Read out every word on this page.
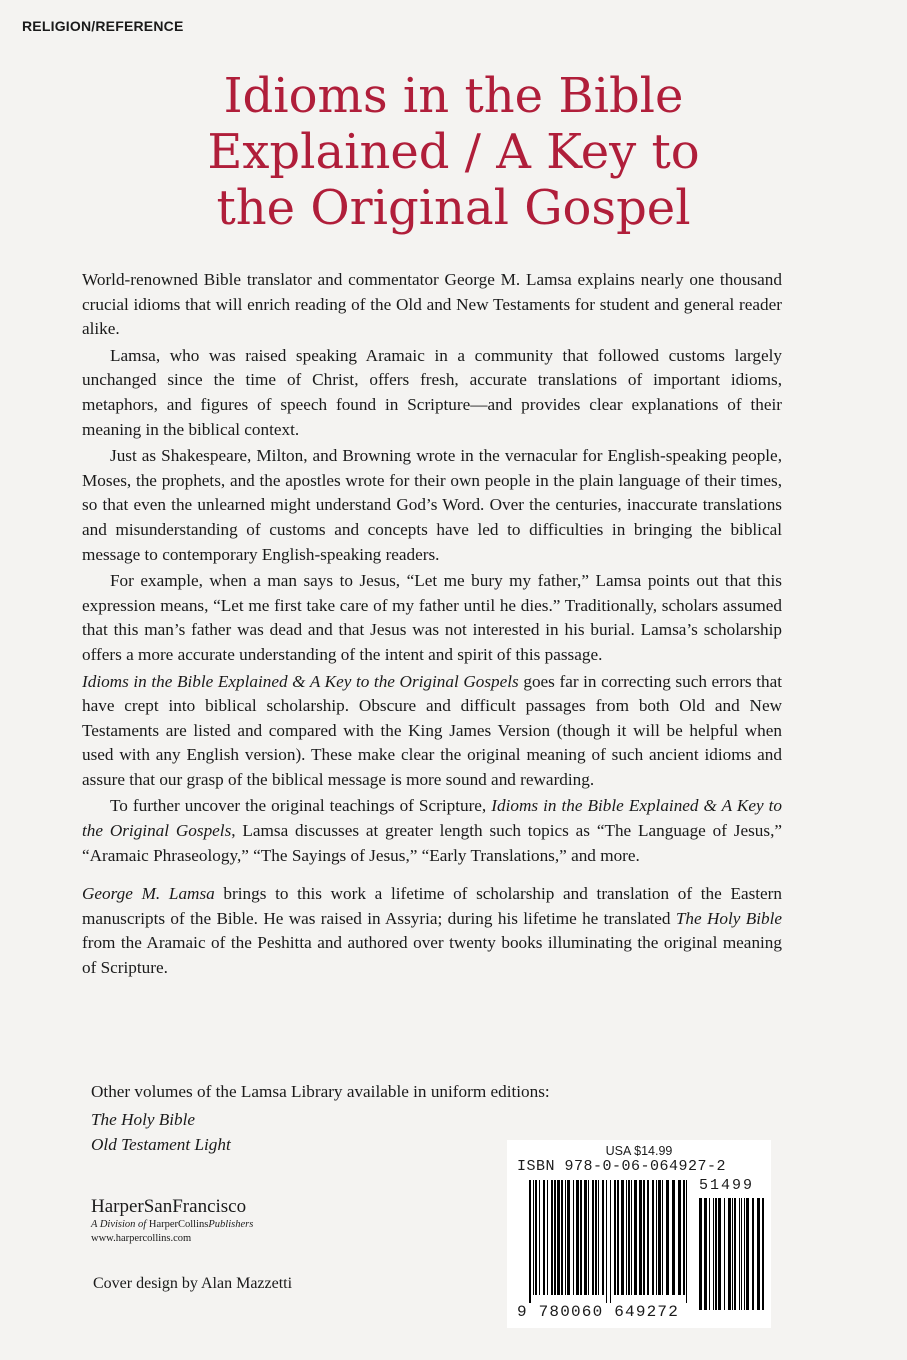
RELIGION/REFERENCE
Idioms in the Bible
Explained / A Key to
the Original Gospel

World-renowned Bible translator and commentator George M. Lamsa explains nearly one thousand crucial idioms that will enrich reading of the Old and New Testaments for student and general reader alike.

Lamsa, who was raised speaking Aramaic in a community that followed customs largely unchanged since the time of Christ, offers fresh, accurate translations of important idioms, metaphors, and figures of speech found in Scripture—and provides clear explanations of their meaning in the biblical context.

Just as Shakespeare, Milton, and Browning wrote in the vernacular for English-speaking people, Moses, the prophets, and the apostles wrote for their own people in the plain language of their times, so that even the unlearned might understand God’s Word. Over the centuries, inaccurate translations and misunderstanding of customs and concepts have led to difficulties in bringing the biblical message to contemporary English-speaking readers.

For example, when a man says to Jesus, “Let me bury my father,” Lamsa points out that this expression means, “Let me first take care of my father until he dies.” Traditionally, scholars assumed that this man’s father was dead and that Jesus was not interested in his burial. Lamsa’s scholarship offers a more accurate understanding of the intent and spirit of this passage.

Idioms in the Bible Explained & A Key to the Original Gospels goes far in correcting such errors that have crept into biblical scholarship. Obscure and difficult passages from both Old and New Testaments are listed and compared with the King James Version (though it will be helpful when used with any English version). These make clear the original meaning of such ancient idioms and assure that our grasp of the biblical message is more sound and rewarding.

To further uncover the original teachings of Scripture, Idioms in the Bible Explained & A Key to the Original Gospels, Lamsa discusses at greater length such topics as “The Language of Jesus,” “Aramaic Phraseology,” “The Sayings of Jesus,” “Early Translations,” and more.

George M. Lamsa brings to this work a lifetime of scholarship and translation of the Eastern manuscripts of the Bible. He was raised in Assyria; during his lifetime he translated The Holy Bible from the Aramaic of the Peshitta and authored over twenty books illuminating the original meaning of Scripture.

Other volumes of the Lamsa Library available in uniform editions:
The Holy Bible
Old Testament Light
HarperSanFrancisco
A Division of HarperCollinsPublishers
www.harpercollins.com
Cover design by Alan Mazzetti
USA $14.99
ISBN 978-0-06-064927-2
51499
9 780060 649272
